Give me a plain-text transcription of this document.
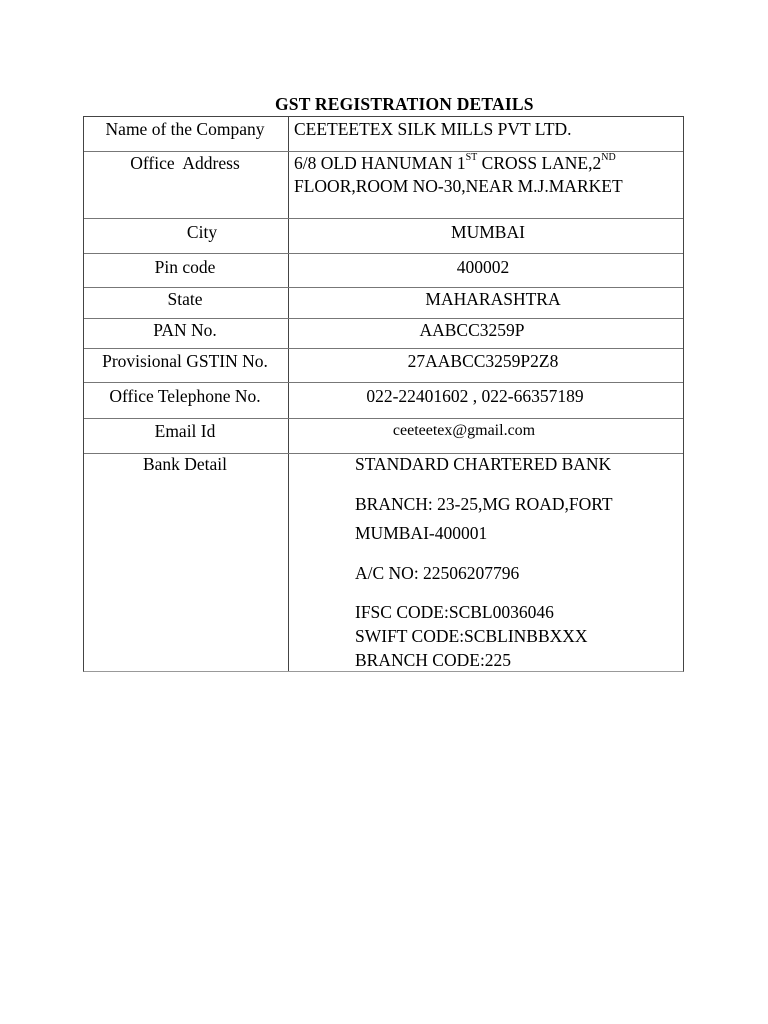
GST REGISTRATION DETAILS
Name of the Company
Office  Address
City
Pin code
State
PAN No.
Provisional GSTIN No.
Office Telephone No.
Email Id
Bank Detail
CEETEETEX SILK MILLS PVT LTD.
6/8 OLD HANUMAN 1ST CROSS LANE,2ND
FLOOR,ROOM NO-30,NEAR M.J.MARKET
MUMBAI
400002
MAHARASHTRA
AABCC3259P
27AABCC3259P2Z8
022-22401602 , 022-66357189
ceeteetex@gmail.com
STANDARD CHARTERED BANK
BRANCH: 23-25,MG ROAD,FORT
MUMBAI-400001
A/C NO: 22506207796
IFSC CODE:SCBL0036046
SWIFT CODE:SCBLINBBXXX
BRANCH CODE:225
